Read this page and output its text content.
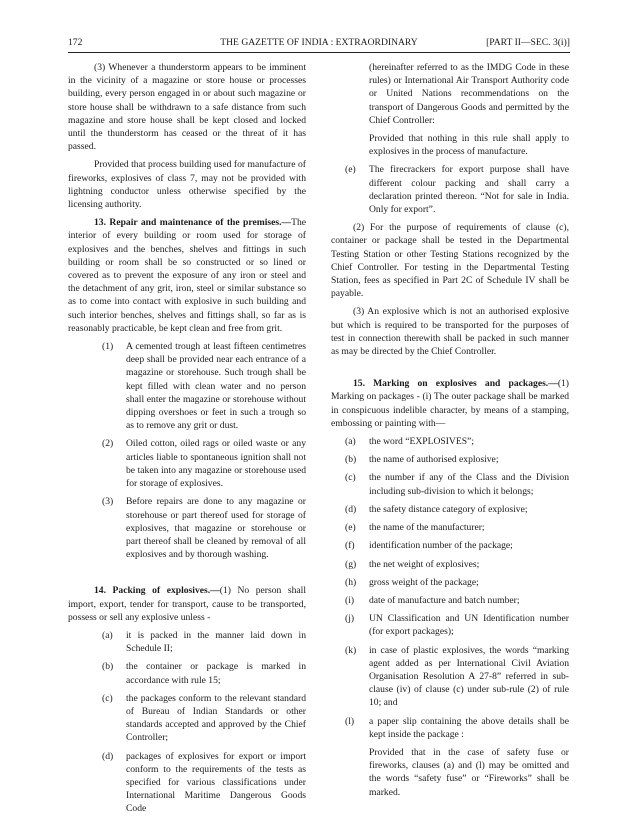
172	THE GAZETTE OF INDIA : EXTRAORDINARY	[PART II—SEC. 3(i)]

(3) Whenever a thunderstorm appears to be imminent in the vicinity of a magazine or store house or processes building, every person engaged in or about such magazine or store house shall be withdrawn to a safe distance from such magazine and store house shall be kept closed and locked until the thunderstorm has ceased or the threat of it has passed.

Provided that process building used for manufacture of fireworks, explosives of class 7, may not be provided with lightning conductor unless otherwise specified by the licensing authority.

13. Repair and maintenance of the premises.—The interior of every building or room used for storage of explosives and the benches, shelves and fittings in such building or room shall be so constructed or so lined or covered as to prevent the exposure of any iron or steel and the detachment of any grit, iron, steel or similar substance so as to come into contact with explosive in such building and such interior benches, shelves and fittings shall, so far as is reasonably practicable, be kept clean and free from grit.

(1) A cemented trough at least fifteen centimetres deep shall be provided near each entrance of a magazine or storehouse. Such trough shall be kept filled with clean water and no person shall enter the magazine or storehouse without dipping overshoes or feet in such a trough so as to remove any grit or dust.
(2) Oiled cotton, oiled rags or oiled waste or any articles liable to spontaneous ignition shall not be taken into any magazine or storehouse used for storage of explosives.
(3) Before repairs are done to any magazine or storehouse or part thereof used for storage of explosives, that magazine or storehouse or part thereof shall be cleaned by removal of all explosives and by thorough washing.

14. Packing of explosives.—(1) No person shall import, export, tender for transport, cause to be transported, possess or sell any explosive unless -

(a) it is packed in the manner laid down in Schedule II;
(b) the container or package is marked in accordance with rule 15;
(c) the packages conform to the relevant standard of Bureau of Indian Standards or other standards accepted and approved by the Chief Controller;
(d) packages of explosives for export or import conform to the requirements of the tests as specified for various classifications under International Maritime Dangerous Goods Code
(hereinafter referred to as the IMDG Code in these rules) or International Air Transport Authority code or United Nations recommendations on the transport of Dangerous Goods and permitted by the Chief Controller:
Provided that nothing in this rule shall apply to explosives in the process of manufacture.
(e) The firecrackers for export purpose shall have different colour packing and shall carry a declaration printed thereon. “Not for sale in India. Only for export”.

(2) For the purpose of requirements of clause (c), container or package shall be tested in the Departmental Testing Station or other Testing Stations recognized by the Chief Controller. For testing in the Departmental Testing Station, fees as specified in Part 2C of Schedule IV shall be payable.

(3) An explosive which is not an authorised explosive but which is required to be transported for the purposes of test in connection therewith shall be packed in such manner as may be directed by the Chief Controller.

15. Marking on explosives and packages.—(1) Marking on packages - (i) The outer package shall be marked in conspicuous indelible character, by means of a stamping, embossing or painting with—

(a) the word “EXPLOSIVES”;
(b) the name of authorised explosive;
(c) the number if any of the Class and the Division including sub-division to which it belongs;
(d) the safety distance category of explosive;
(e) the name of the manufacturer;
(f) identification number of the package;
(g) the net weight of explosives;
(h) gross weight of the package;
(i) date of manufacture and batch number;
(j) UN Classification and UN Identification number (for export packages);
(k) in case of plastic explosives, the words “marking agent added as per International Civil Aviation Organisation Resolution A 27-8” referred in sub-clause (iv) of clause (c) under sub-rule (2) of rule 10; and
(l) a paper slip containing the above details shall be kept inside the package :
Provided that in the case of safety fuse or fireworks, clauses (a) and (l) may be omitted and the words “safety fuse” or “Fireworks” shall be marked.
